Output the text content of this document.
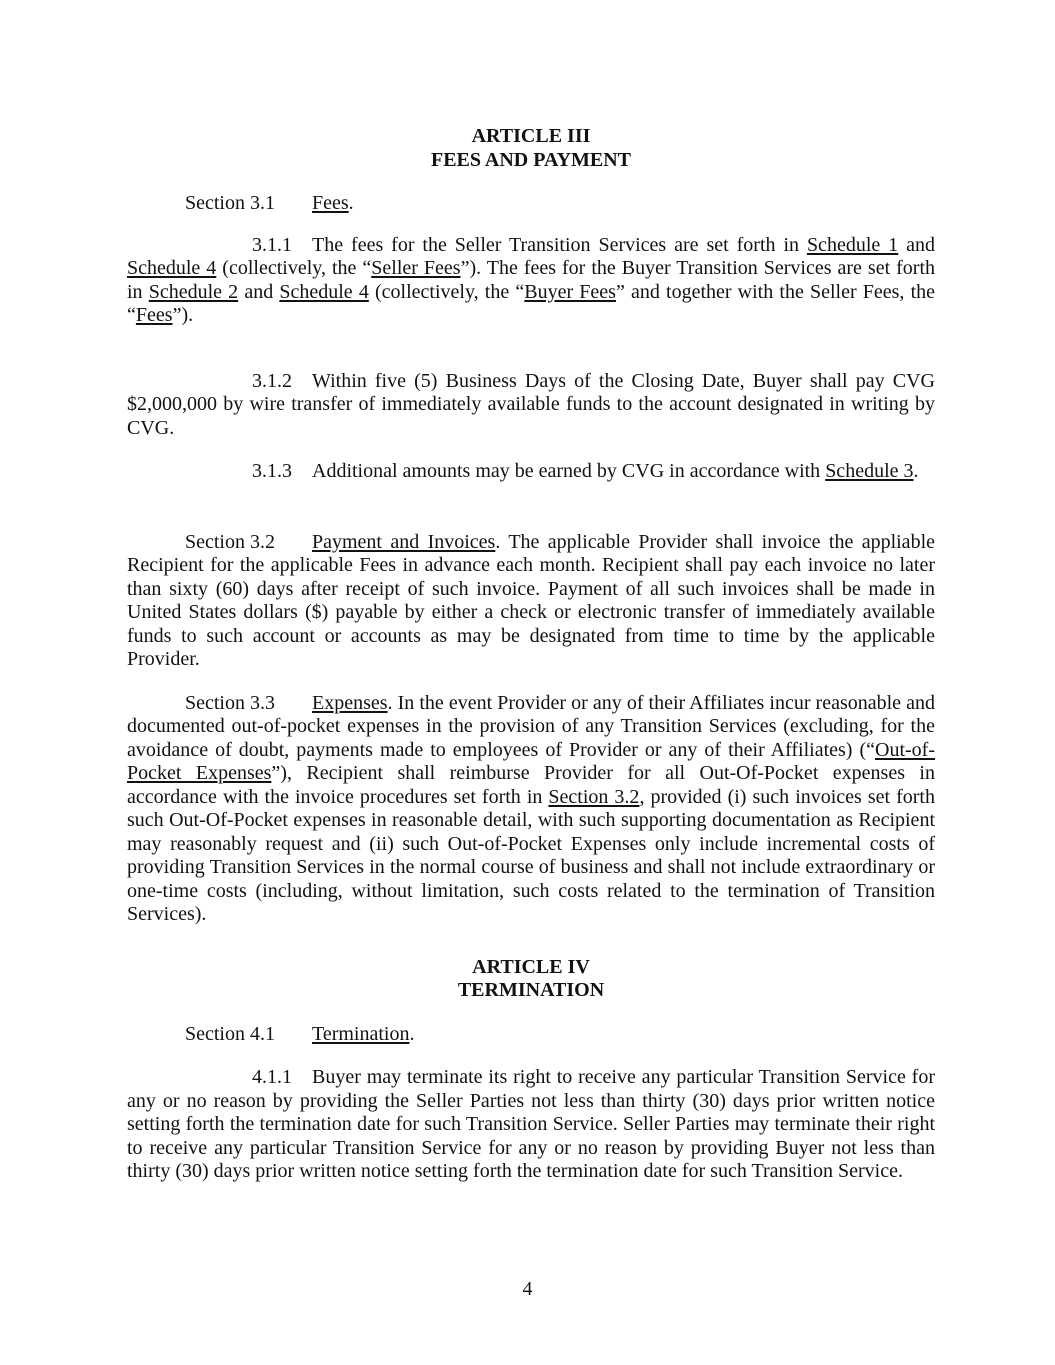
ARTICLE III
FEES AND PAYMENT
Section 3.1 Fees.
3.1.1 The fees for the Seller Transition Services are set forth in Schedule 1 and Schedule 4 (collectively, the “Seller Fees”). The fees for the Buyer Transition Services are set forth in Schedule 2 and Schedule 4 (collectively, the “Buyer Fees” and together with the Seller Fees, the “Fees”).
3.1.2 Within five (5) Business Days of the Closing Date, Buyer shall pay CVG $2,000,000 by wire transfer of immediately available funds to the account designated in writing by CVG.
3.1.3 Additional amounts may be earned by CVG in accordance with Schedule 3.
Section 3.2 Payment and Invoices. The applicable Provider shall invoice the appliable Recipient for the applicable Fees in advance each month. Recipient shall pay each invoice no later than sixty (60) days after receipt of such invoice. Payment of all such invoices shall be made in United States dollars ($) payable by either a check or electronic transfer of immediately available funds to such account or accounts as may be designated from time to time by the applicable Provider.
Section 3.3 Expenses. In the event Provider or any of their Affiliates incur reasonable and documented out-of-pocket expenses in the provision of any Transition Services (excluding, for the avoidance of doubt, payments made to employees of Provider or any of their Affiliates) (“Out-of-Pocket Expenses”), Recipient shall reimburse Provider for all Out-Of-Pocket expenses in accordance with the invoice procedures set forth in Section 3.2, provided (i) such invoices set forth such Out-Of-Pocket expenses in reasonable detail, with such supporting documentation as Recipient may reasonably request and (ii) such Out-of-Pocket Expenses only include incremental costs of providing Transition Services in the normal course of business and shall not include extraordinary or one-time costs (including, without limitation, such costs related to the termination of Transition Services).
ARTICLE IV
TERMINATION
Section 4.1 Termination.
4.1.1 Buyer may terminate its right to receive any particular Transition Service for any or no reason by providing the Seller Parties not less than thirty (30) days prior written notice setting forth the termination date for such Transition Service. Seller Parties may terminate their right to receive any particular Transition Service for any or no reason by providing Buyer not less than thirty (30) days prior written notice setting forth the termination date for such Transition Service.
4
